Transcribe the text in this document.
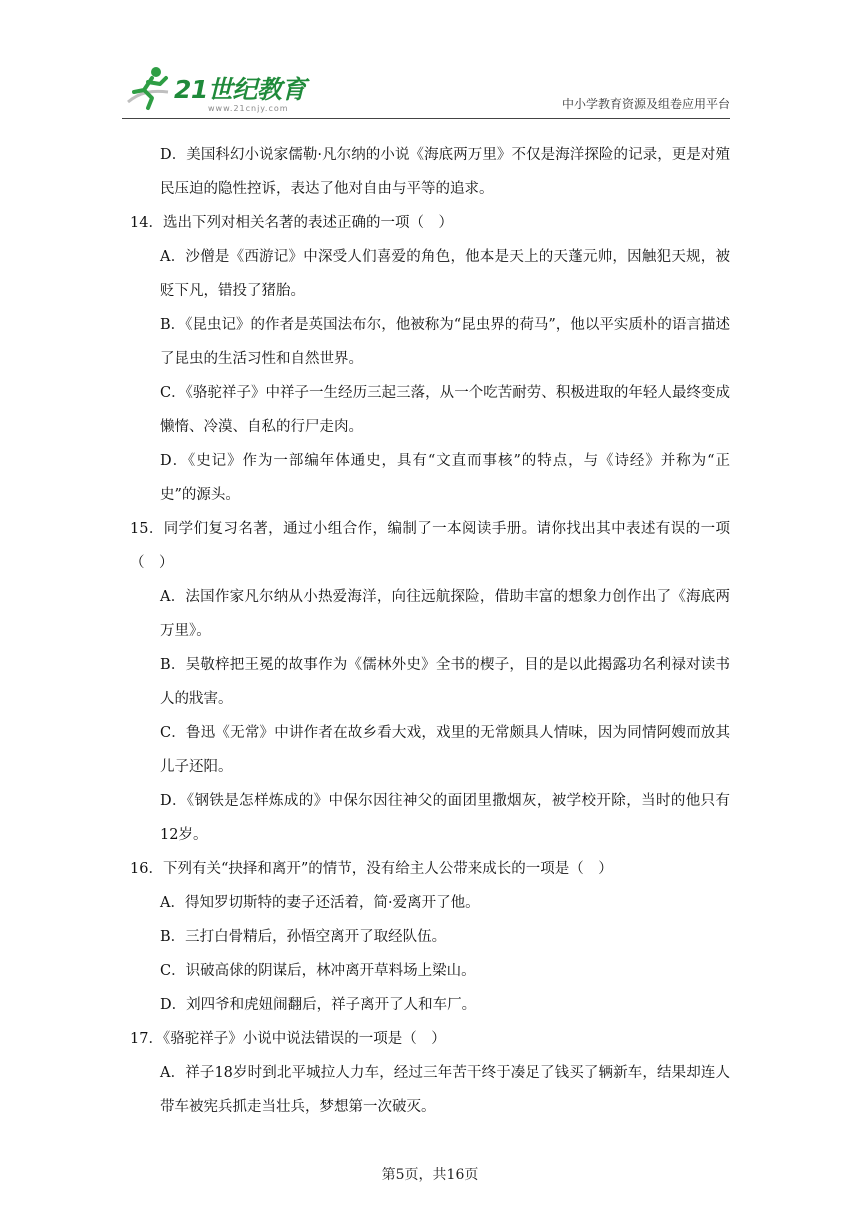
21世纪教育
www.21cnjy.com	中小学教育资源及组卷应用平台

D．美国科幻小说家儒勒·凡尔纳的小说《海底两万里》不仅是海洋探险的记录，更是对殖民压迫的隐性控诉，表达了他对自由与平等的追求。

14．选出下列对相关名著的表述正确的一项（　）

A．沙僧是《西游记》中深受人们喜爱的角色，他本是天上的天蓬元帅，因触犯天规，被贬下凡，错投了猪胎。

B．《昆虫记》的作者是英国法布尔，他被称为“昆虫界的荷马”，他以平实质朴的语言描述了昆虫的生活习性和自然世界。

C．《骆驼祥子》中祥子一生经历三起三落，从一个吃苦耐劳、积极进取的年轻人最终变成懒惰、冷漠、自私的行尸走肉。

D．《史记》作为一部编年体通史，具有“文直而事核”的特点，与《诗经》并称为“正史”的源头。

15．同学们复习名著，通过小组合作，编制了一本阅读手册。请你找出其中表述有误的一项（　）

A．法国作家凡尔纳从小热爱海洋，向往远航探险，借助丰富的想象力创作出了《海底两万里》。

B．吴敬梓把王冕的故事作为《儒林外史》全书的楔子，目的是以此揭露功名利禄对读书人的戕害。

C．鲁迅《无常》中讲作者在故乡看大戏，戏里的无常颇具人情味，因为同情阿嫂而放其儿子还阳。

D．《钢铁是怎样炼成的》中保尔因往神父的面团里撒烟灰，被学校开除，当时的他只有12岁。

16．下列有关“抉择和离开”的情节，没有给主人公带来成长的一项是（　）

A．得知罗切斯特的妻子还活着，简·爱离开了他。

B．三打白骨精后，孙悟空离开了取经队伍。

C．识破高俅的阴谋后，林冲离开草料场上梁山。

D．刘四爷和虎妞闹翻后，祥子离开了人和车厂。

17．《骆驼祥子》小说中说法错误的一项是（　）

A．祥子18岁时到北平城拉人力车，经过三年苦干终于凑足了钱买了辆新车，结果却连人带车被宪兵抓走当壮兵，梦想第一次破灭。

第5页，共16页
